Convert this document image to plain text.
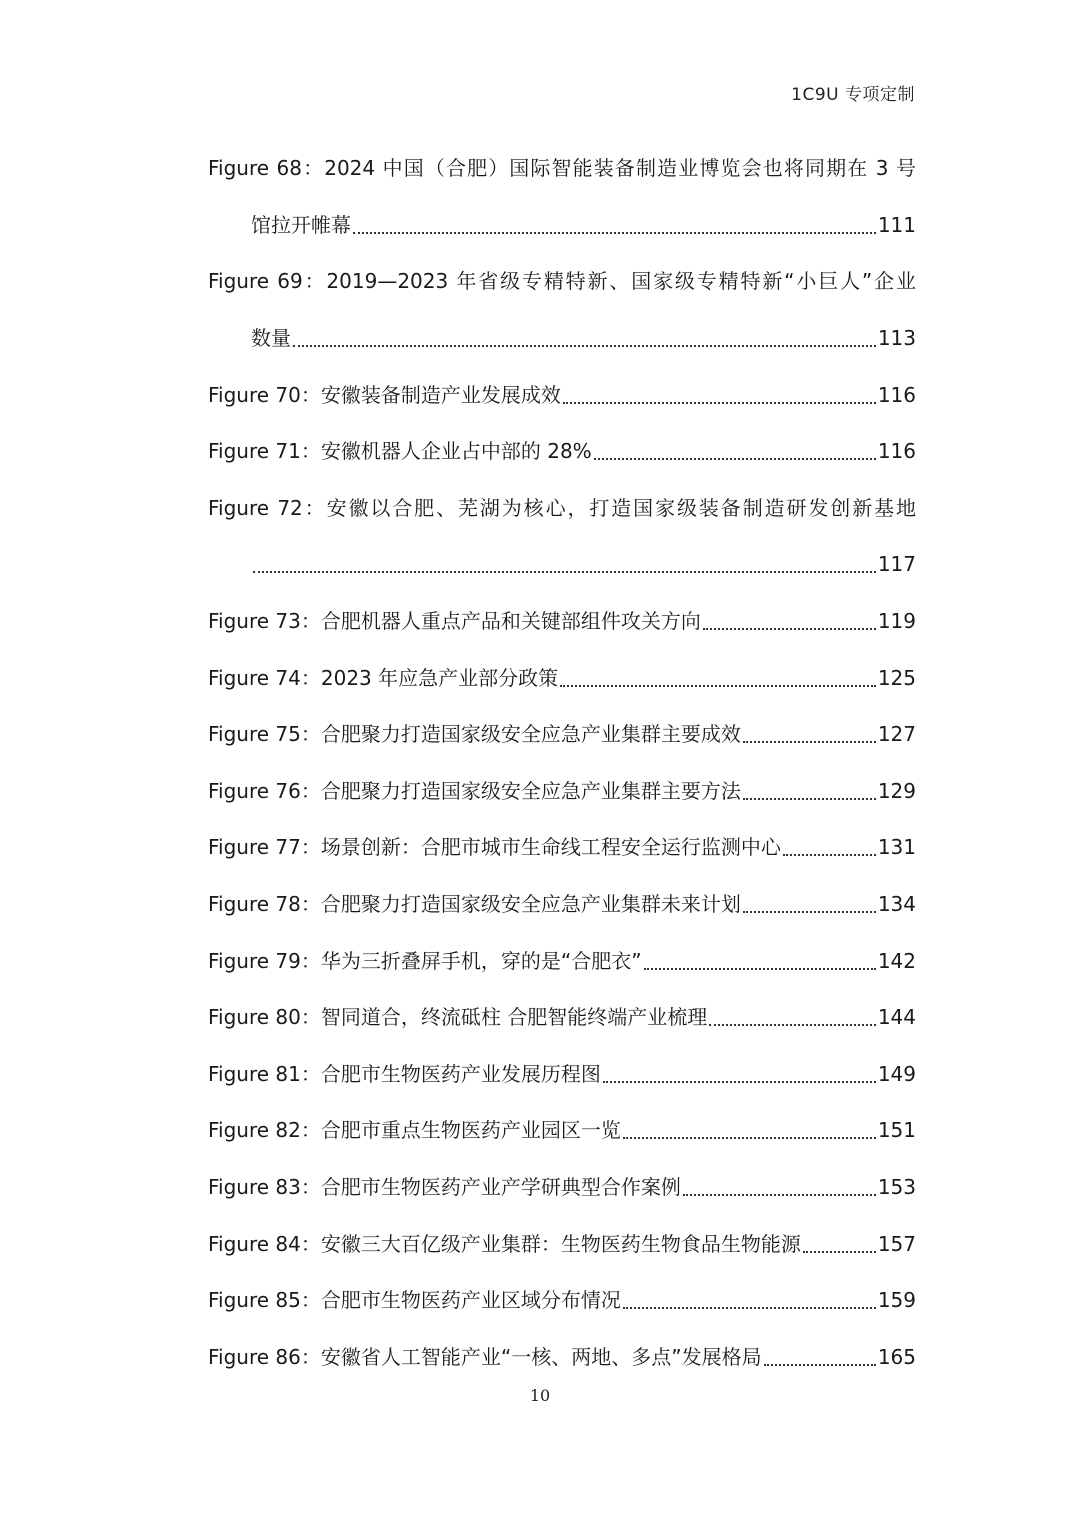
1C9U 专项定制
Figure 68：2024 中国（合肥）国际智能装备制造业博览会也将同期在 3 号
馆拉开帷幕	111
Figure 69：2019—2023 年省级专精特新、国家级专精特新“小巨人”企业
数量	113
Figure 70：安徽装备制造产业发展成效	116
Figure 71：安徽机器人企业占中部的 28%	116
Figure 72：安徽以合肥、芜湖为核心，打造国家级装备制造研发创新基地
117
Figure 73：合肥机器人重点产品和关键部组件攻关方向	119
Figure 74：2023 年应急产业部分政策	125
Figure 75：合肥聚力打造国家级安全应急产业集群主要成效	127
Figure 76：合肥聚力打造国家级安全应急产业集群主要方法	129
Figure 77：场景创新：合肥市城市生命线工程安全运行监测中心	131
Figure 78：合肥聚力打造国家级安全应急产业集群未来计划	134
Figure 79：华为三折叠屏手机，穿的是“合肥衣”	142
Figure 80：智同道合，终流砥柱 合肥智能终端产业梳理	144
Figure 81：合肥市生物医药产业发展历程图	149
Figure 82：合肥市重点生物医药产业园区一览	151
Figure 83：合肥市生物医药产业产学研典型合作案例	153
Figure 84：安徽三大百亿级产业集群：生物医药生物食品生物能源	157
Figure 85：合肥市生物医药产业区域分布情况	159
Figure 86：安徽省人工智能产业“一核、两地、多点”发展格局	165
10
